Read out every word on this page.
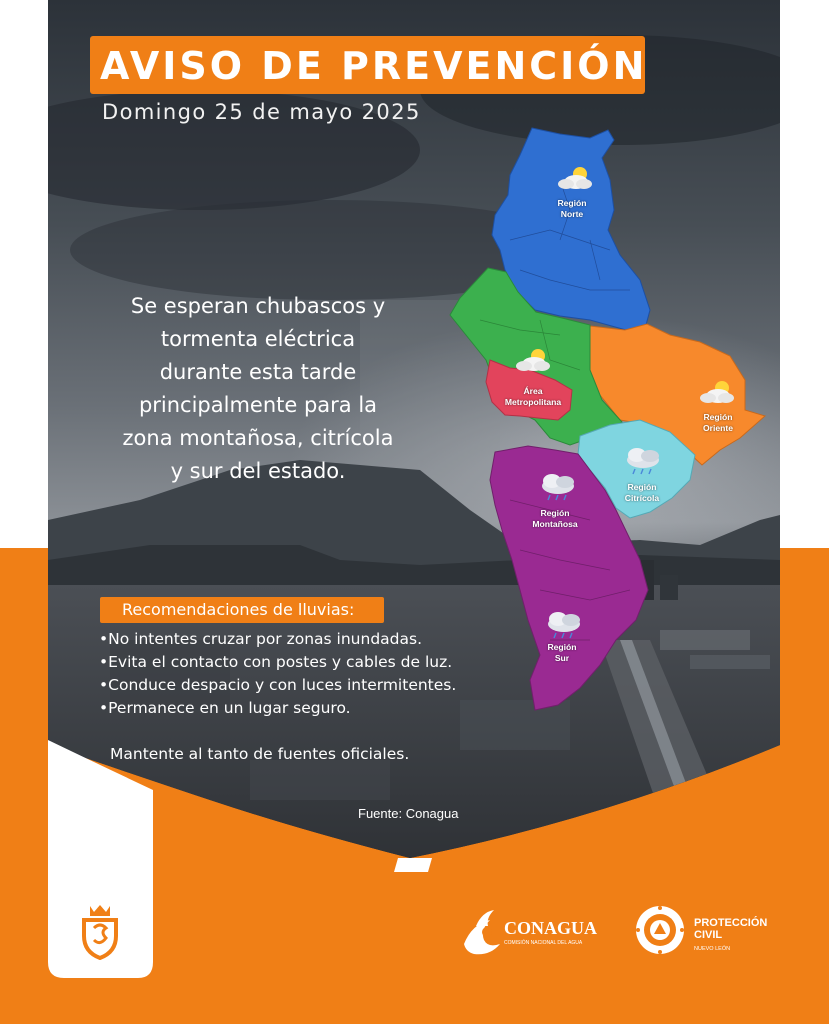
AVISO DE PREVENCIÓN
Domingo 25 de mayo 2025
Se esperan chubascos y
tormenta eléctrica
durante esta tarde
principalmente para la
zona montañosa, citrícola
y sur del estado.
Región
Norte
Área
Metropolitana
Región
Oriente
Región
Citrícola
Región
Montañosa
Región
Sur
Recomendaciones de lluvias:
•No intentes cruzar por zonas inundadas.
•Evita el contacto con postes y cables de luz.
•Conduce despacio y con luces intermitentes.
•Permanece en un lugar seguro.
Mantente al tanto de fuentes oficiales.
Fuente: Conagua
CONAGUA
COMISIÓN NACIONAL DEL AGUA
PROTECCIÓN
CIVIL
NUEVO LEÓN
